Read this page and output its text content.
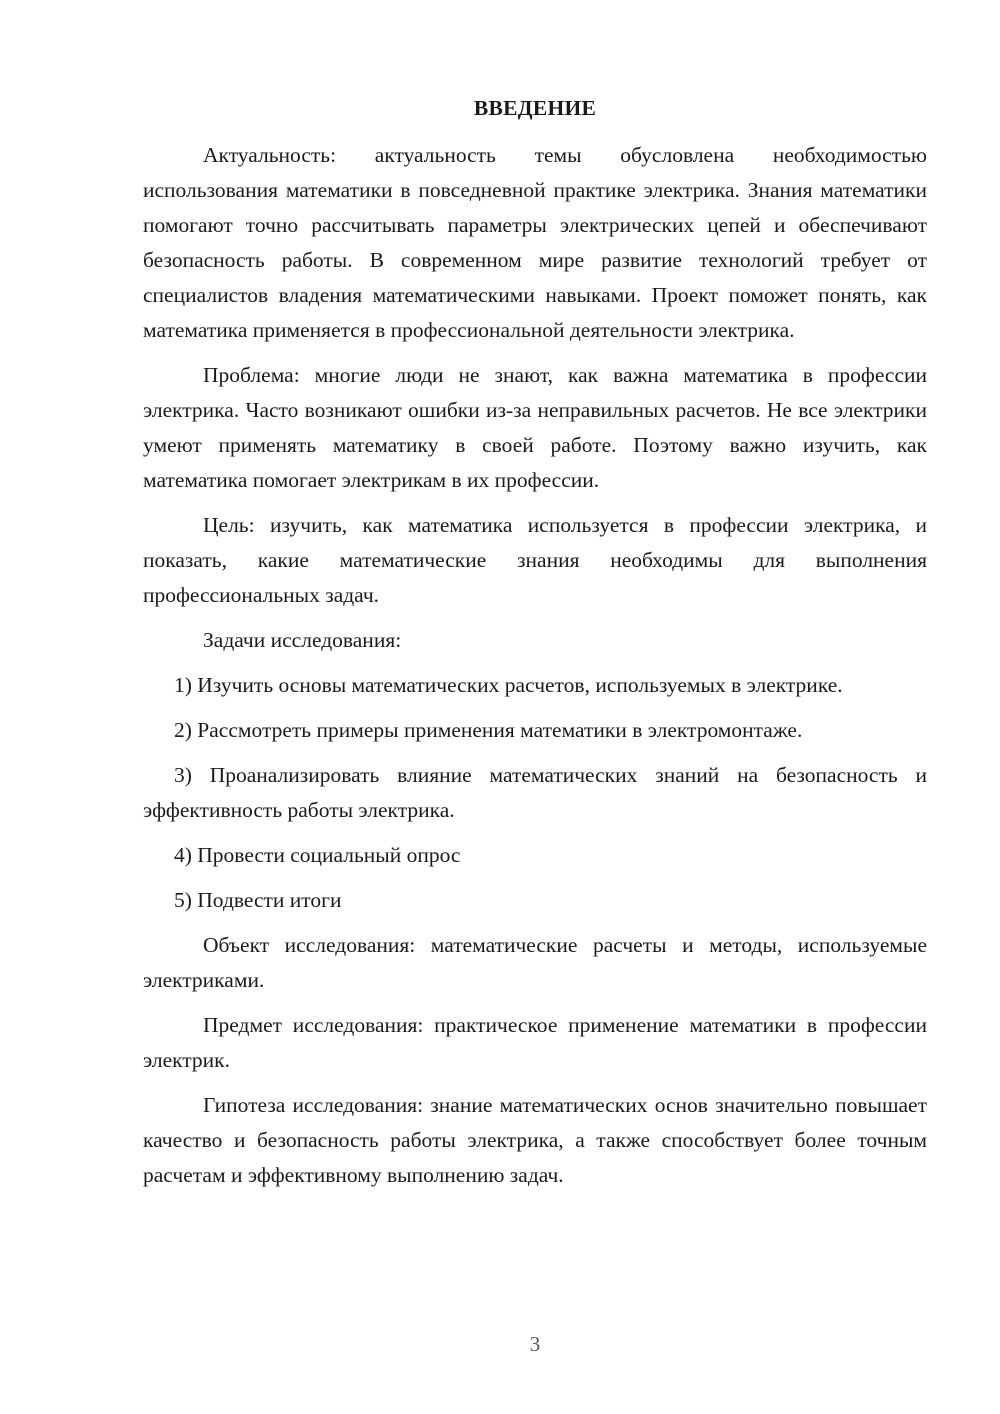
ВВЕДЕНИЕ

Актуальность: актуальность темы обусловлена необходимостью использования математики в повседневной практике электрика. Знания математики помогают точно рассчитывать параметры электрических цепей и обеспечивают безопасность работы. В современном мире развитие технологий требует от специалистов владения математическими навыками. Проект поможет понять, как математика применяется в профессиональной деятельности электрика.

Проблема: многие люди не знают, как важна математика в профессии электрика. Часто возникают ошибки из-за неправильных расчетов. Не все электрики умеют применять математику в своей работе. Поэтому важно изучить, как математика помогает электрикам в их профессии.

Цель: изучить, как математика используется в профессии электрика, и показать, какие математические знания необходимы для выполнения профессиональных задач.

Задачи исследования:

1) Изучить основы математических расчетов, используемых в электрике.

2) Рассмотреть примеры применения математики в электромонтаже.

3) Проанализировать влияние математических знаний на безопасность и эффективность работы электрика.

4) Провести социальный опрос

5) Подвести итоги

Объект исследования: математические расчеты и методы, используемые электриками.

Предмет исследования: практическое применение математики в профессии электрик.

Гипотеза исследования: знание математических основ значительно повышает качество и безопасность работы электрика, а также способствует более точным расчетам и эффективному выполнению задач.

3
